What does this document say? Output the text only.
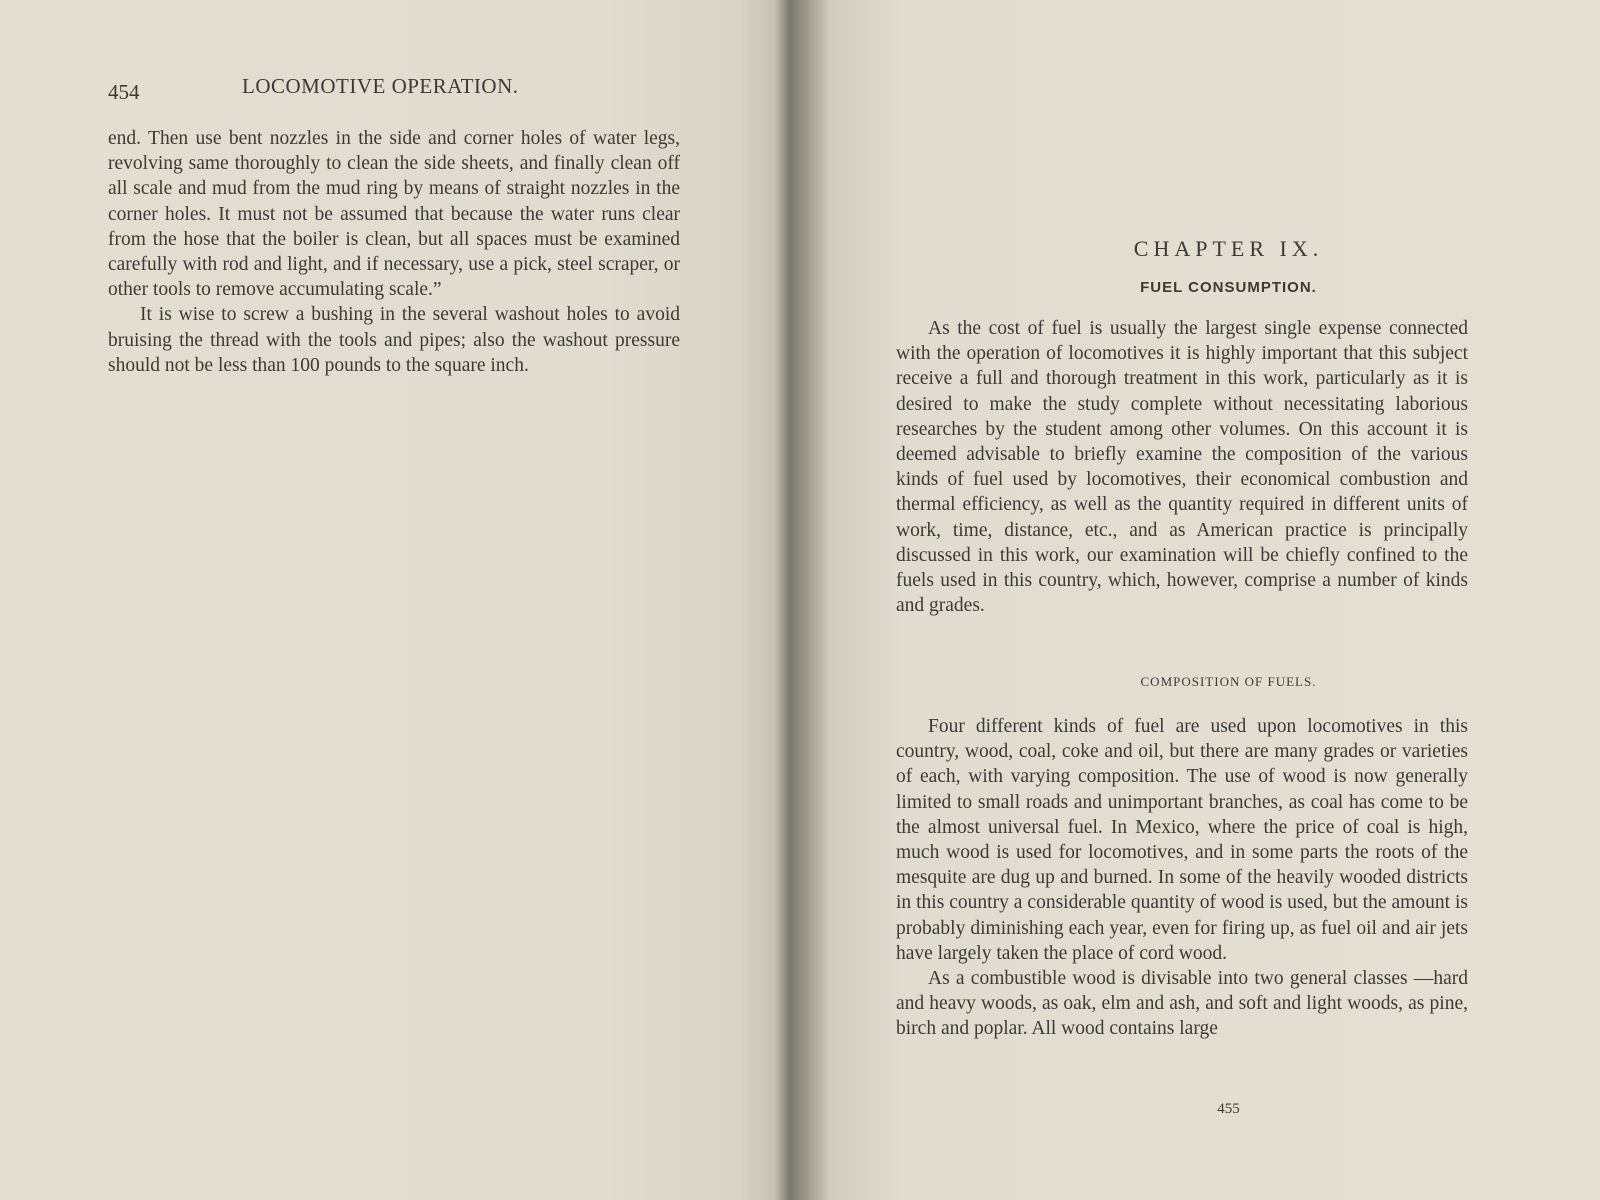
454	LOCOMOTIVE OPERATION.

end. Then use bent nozzles in the side and corner holes of water legs, revolving same thoroughly to clean the side sheets, and finally clean off all scale and mud from the mud ring by means of straight nozzles in the corner holes. It must not be assumed that because the water runs clear from the hose that the boiler is clean, but all spaces must be examined carefully with rod and light, and if necessary, use a pick, steel scraper, or other tools to remove accumulating scale.”

It is wise to screw a bushing in the several washout holes to avoid bruising the thread with the tools and pipes; also the washout pressure should not be less than 100 pounds to the square inch.

CHAPTER IX.
FUEL CONSUMPTION.

As the cost of fuel is usually the largest single expense connected with the operation of locomotives it is highly important that this subject receive a full and thorough treatment in this work, particularly as it is desired to make the study complete without necessitating laborious researches by the student among other volumes. On this account it is deemed advisable to briefly examine the composition of the various kinds of fuel used by locomotives, their economical combustion and thermal efficiency, as well as the quantity required in different units of work, time, distance, etc., and as American practice is principally discussed in this work, our examination will be chiefly confined to the fuels used in this country, which, however, comprise a number of kinds and grades.

COMPOSITION OF FUELS.

Four different kinds of fuel are used upon locomotives in this country, wood, coal, coke and oil, but there are many grades or varieties of each, with varying composition. The use of wood is now generally limited to small roads and unimportant branches, as coal has come to be the almost universal fuel. In Mexico, where the price of coal is high, much wood is used for locomotives, and in some parts the roots of the mesquite are dug up and burned. In some of the heavily wooded districts in this country a considerable quantity of wood is used, but the amount is probably diminishing each year, even for firing up, as fuel oil and air jets have largely taken the place of cord wood.

As a combustible wood is divisable into two general classes —hard and heavy woods, as oak, elm and ash, and soft and light woods, as pine, birch and poplar. All wood contains large

455
